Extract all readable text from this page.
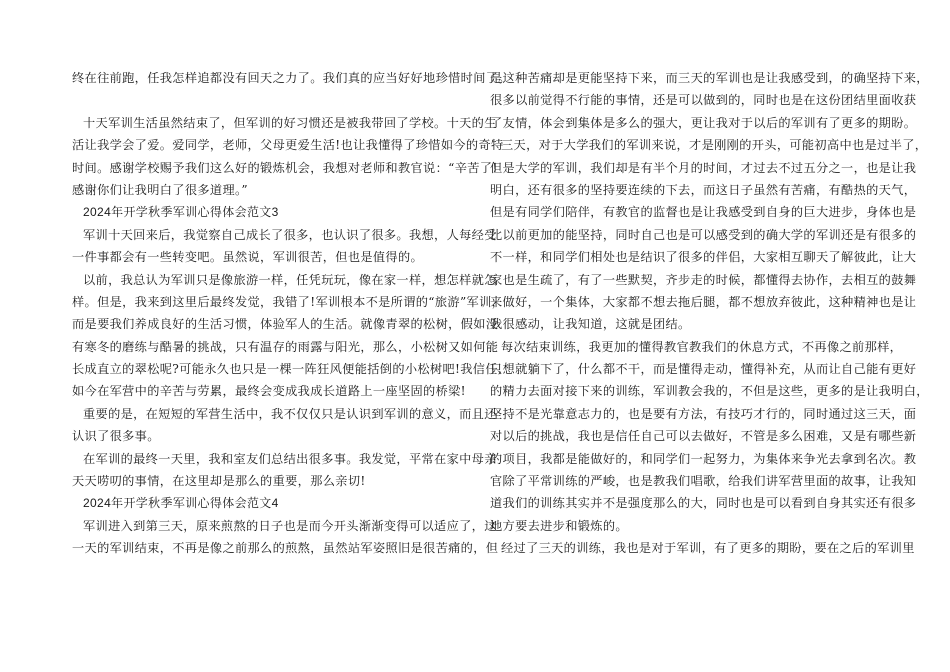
终在往前跑，任我怎样追都没有回天之力了。我们真的应当好好地珍惜时间了。
十天军训生活虽然结束了，但军训的好习惯还是被我带回了学校。十天的生
活让我学会了爱。爱同学，老师，父母更爱生活!也让我懂得了珍惜如今的奇特
时间。感谢学校赐予我们这么好的锻炼机会，我想对老师和教官说：“辛苦了!
感谢你们让我明白了很多道理。”
2024年开学秋季军训心得体会范文3
军训十天回来后，我觉察自己成长了很多，也认识了很多。我想，人每经受
一件事都会有一些转变吧。虽然说，军训很苦，但也是值得的。
以前，我总认为军训只是像旅游一样，任凭玩玩，像在家一样，想怎样就怎
样。但是，我来到这里后最终发觉，我错了!军训根本不是所谓的“旅游”军训，
而是要我们养成良好的生活习惯，体验军人的生活。就像青翠的松树，假如没
有寒冬的磨练与酷暑的挑战，只有温存的雨露与阳光，那么，小松树又如何能
长成直立的翠松呢?可能永久也只是一棵一阵狂风便能括倒的小松树吧!我信任,
如今在军营中的辛苦与劳累，最终会变成我成长道路上一座坚固的桥梁!
重要的是，在短短的军营生活中，我不仅仅只是认识到军训的意义，而且还
认识了很多事。
在军训的最终一天里，我和室友们总结出很多事。我发觉，平常在家中母亲
天天唠叨的事情，在这里却是那么的重要，那么亲切!
2024年开学秋季军训心得体会范文4
军训进入到第三天，原来煎熬的日子也是而今开头渐渐变得可以适应了，这
一天的军训结束，不再是像之前那么的煎熬，虽然站军姿照旧是很苦痛的，但
是这种苦痛却是更能坚持下来，而三天的军训也是让我感受到，的确坚持下来，
很多以前觉得不行能的事情，还是可以做到的，同时也是在这份团结里面收获
了友情，体会到集体是多么的强大，更让我对于以后的军训有了更多的期盼。
三天，对于大学我们的军训来说，才是刚刚的开头，可能初高中也是过半了，
但是大学的军训，我们却是有半个月的时间，才过去不过五分之一，也是让我
明白，还有很多的坚持要连续的下去，而这日子虽然有苦痛，有酷热的天气，
但是有同学们陪伴，有教官的监督也是让我感受到自身的巨大进步，身体也是
比以前更加的能坚持，同时自己也是可以感受到的确大学的军训还是有很多的
不一样，和同学们相处也是结识了很多的伴侣，大家相互聊天了解彼此，让大
家也是生疏了，有了一些默契，齐步走的时候，都懂得去协作，去相互的鼓舞
来做好，一个集体，大家都不想去拖后腿，都不想放弃彼此，这种精神也是让
我很感动，让我知道，这就是团结。
每次结束训练，我更加的懂得教官教我们的休息方式，不再像之前那样，
只想就躺下了，什么都不干，而是懂得走动，懂得补充，从而让自己能有更好
的精力去面对接下来的训练，军训教会我的，不但是这些，更多的是让我明白，
坚持不是光靠意志力的，也是要有方法，有技巧才行的，同时通过这三天，面
对以后的挑战，我也是信任自己可以去做好，不管是多么困难，又是有哪些新
的项目，我都是能做好的，和同学们一起努力，为集体来争光去拿到名次。教
官除了平常训练的严峻，也是教我们唱歌，给我们讲军营里面的故事，让我知
道我们的训练其实并不是强度那么的大，同时也是可以看到自身其实还有很多
地方要去进步和锻炼的。
经过了三天的训练，我也是对于军训，有了更多的期盼，要在之后的军训里
